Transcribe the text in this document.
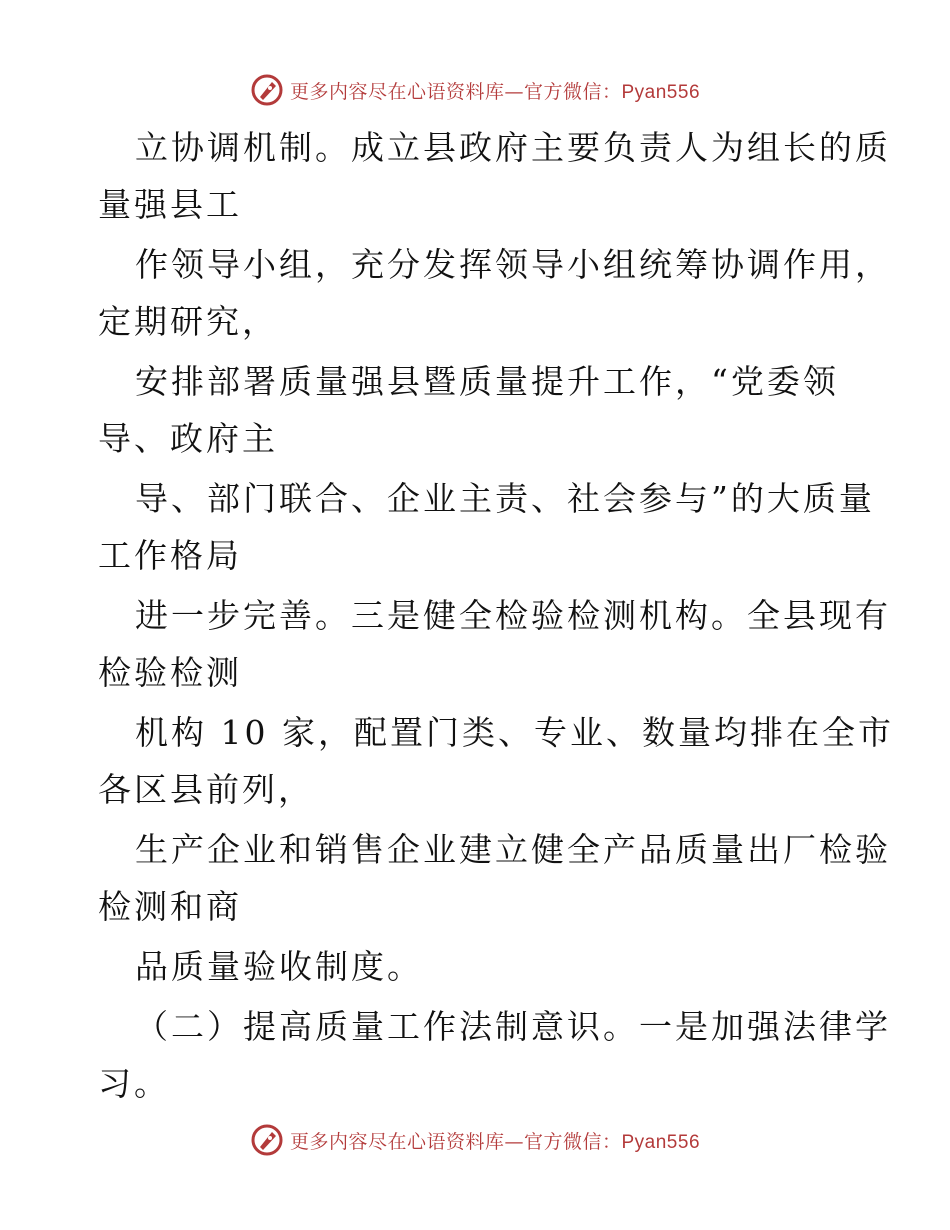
更多内容尽在心语资料库—官方微信：Pyan556
立协调机制。成立县政府主要负责人为组长的质
量强县工
作领导小组，充分发挥领导小组统筹协调作用，
定期研究，
安排部署质量强县暨质量提升工作，“党委领
导、政府主
导、部门联合、企业主责、社会参与”的大质量
工作格局
进一步完善。三是健全检验检测机构。全县现有
检验检测
机构 10 家，配置门类、专业、数量均排在全市
各区县前列，
生产企业和销售企业建立健全产品质量出厂检验
检测和商
品质量验收制度。
（二）提高质量工作法制意识。一是加强法律学
习。
更多内容尽在心语资料库—官方微信：Pyan556
